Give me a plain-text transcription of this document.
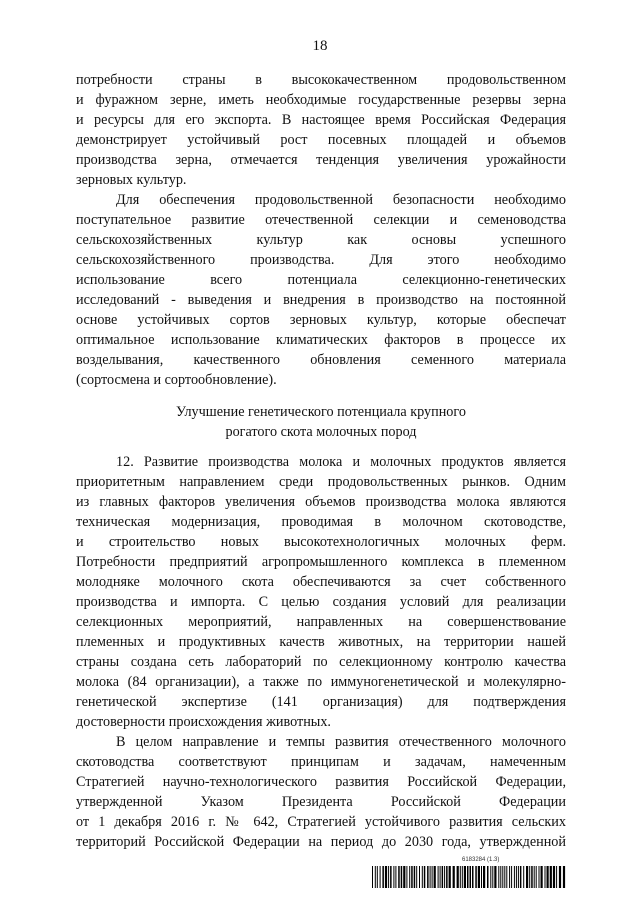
18
потребности страны в высококачественном продовольственном
и фуражном зерне, иметь необходимые государственные резервы зерна
и ресурсы для его экспорта. В настоящее время Российская Федерация
демонстрирует устойчивый рост посевных площадей и объемов
производства зерна, отмечается тенденция увеличения урожайности
зерновых культур.
Для обеспечения продовольственной безопасности необходимо
поступательное развитие отечественной селекции и семеноводства
сельскохозяйственных культур как основы успешного
сельскохозяйственного производства. Для этого необходимо
использование всего потенциала селекционно-генетических
исследований - выведения и внедрения в производство на постоянной
основе устойчивых сортов зерновых культур, которые обеспечат
оптимальное использование климатических факторов в процессе их
возделывания, качественного обновления семенного материала
(сортосмена и сортообновление).
Улучшение генетического потенциала крупного
рогатого скота молочных пород
12. Развитие производства молока и молочных продуктов является
приоритетным направлением среди продовольственных рынков. Одним
из главных факторов увеличения объемов производства молока являются
техническая модернизация, проводимая в молочном скотоводстве,
и строительство новых высокотехнологичных молочных ферм.
Потребности предприятий агропромышленного комплекса в племенном
молодняке молочного скота обеспечиваются за счет собственного
производства и импорта. С целью создания условий для реализации
селекционных мероприятий, направленных на совершенствование
племенных и продуктивных качеств животных, на территории нашей
страны создана сеть лабораторий по селекционному контролю качества
молока (84 организации), а также по иммуногенетической и молекулярно-
генетической экспертизе (141 организация) для подтверждения
достоверности происхождения животных.
В целом направление и темпы развития отечественного молочного
скотоводства соответствуют принципам и задачам, намеченным
Стратегией научно-технологического развития Российской Федерации,
утвержденной Указом Президента Российской Федерации
от 1 декабря 2016 г. № 642, Стратегией устойчивого развития сельских
территорий Российской Федерации на период до 2030 года, утвержденной
6183284 (1.3)
